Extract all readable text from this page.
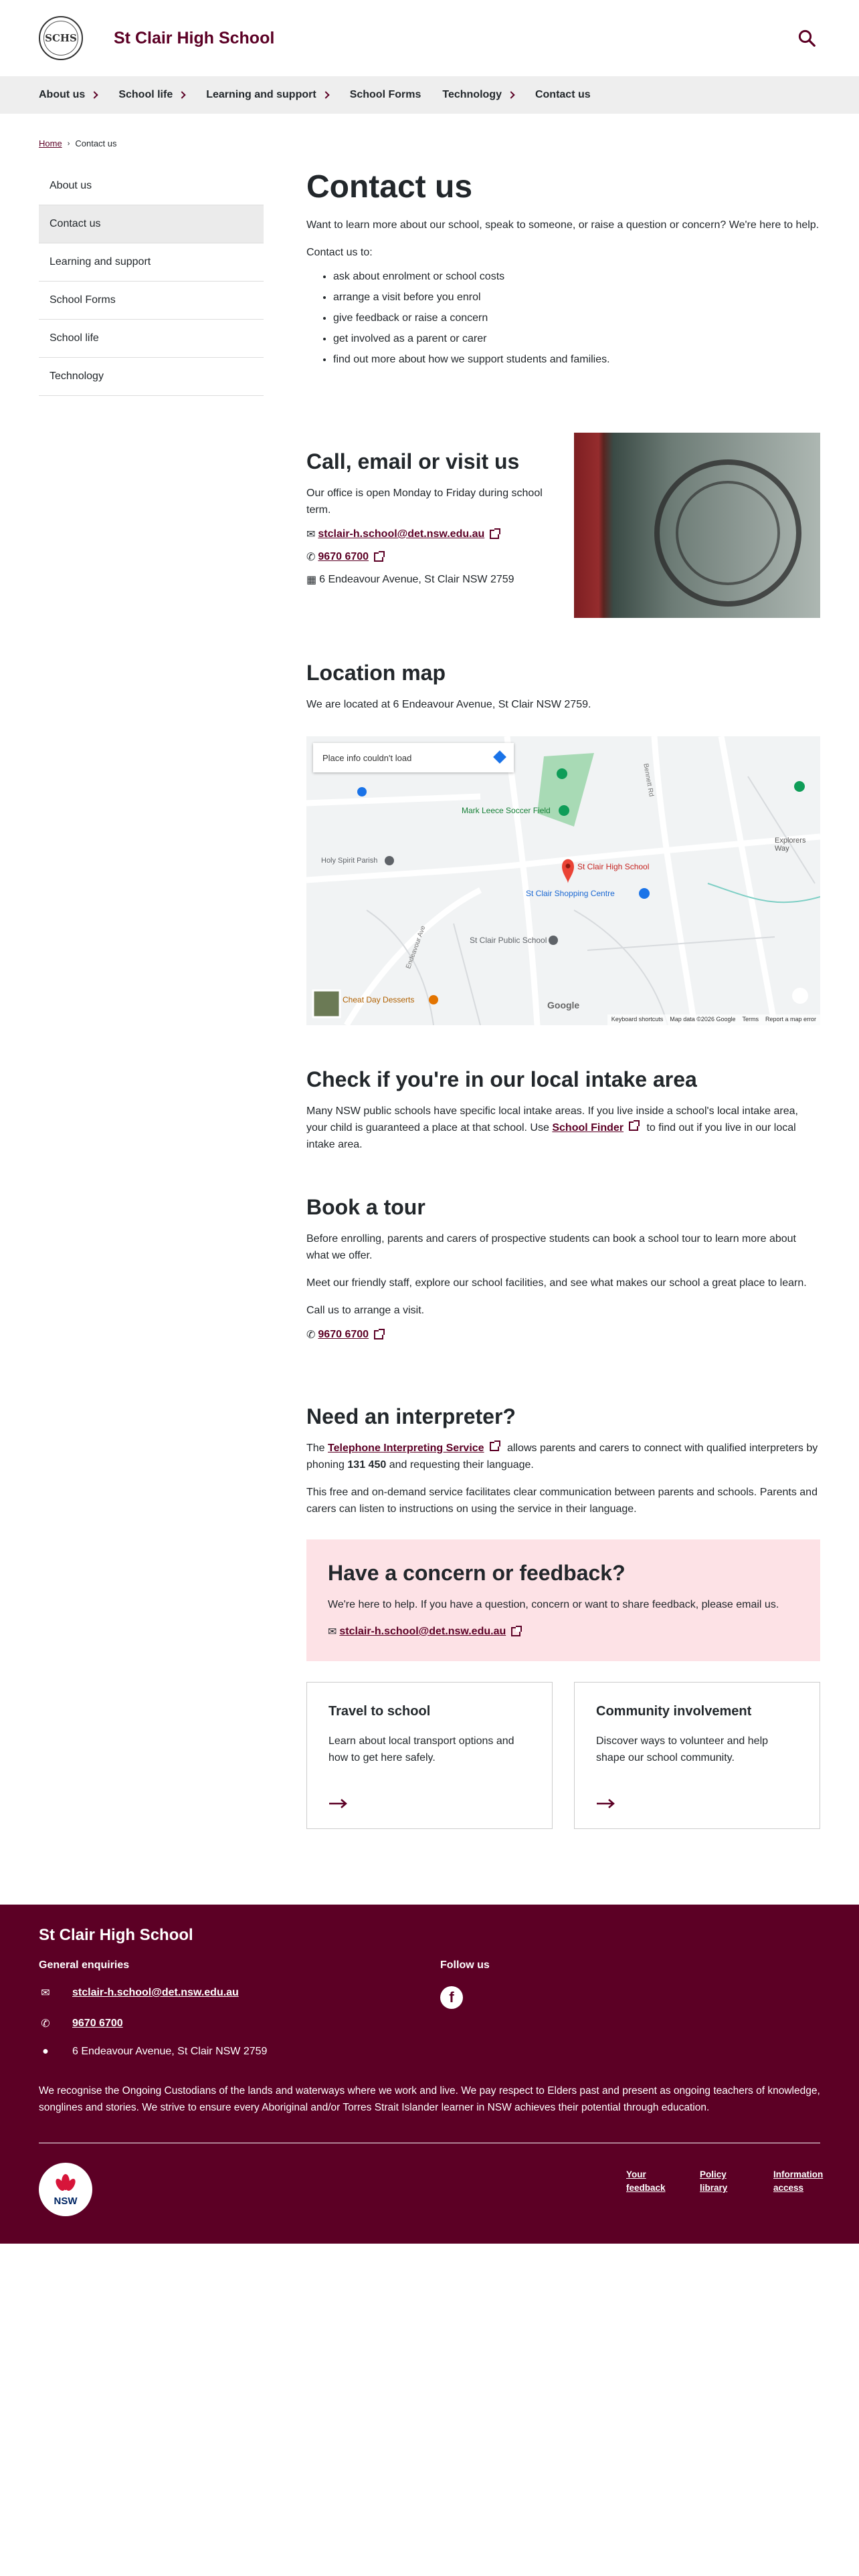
SCHS St Clair High School
About us	School life	Learning and support	School Forms Technology	Contact us
Home › Contact us
About us
Contact us
Learning and support
School Forms
School life
Technology
Contact us

Want to learn more about our school, speak to someone, or raise a question or concern? We're here to help.

Contact us to:

• ask about enrolment or school costs
• arrange a visit before you enrol
• give feedback or raise a concern
• get involved as a parent or carer
• find out more about how we support students and families.
Call, email or visit us

Our office is open Monday to Friday during school term.

✉ stclair-h.school@det.nsw.edu.au
✆ 9670 6700
▦ 6 Endeavour Avenue, St Clair NSW 2759
Location map

We are located at 6 Endeavour Avenue, St Clair NSW 2759.

Place info couldn't load
St Clair High School
St Clair Shopping Centre
St Clair Public School
Mark Leece Soccer Field
Holy Spirit Parish
Cheat Day Desserts
Endeavour Ave
Bennett Rd
Explorers Way
Google
Keyboard shortcuts Map data ©2026 Google Terms Report a map error
Check if you're in our local intake area

Many NSW public schools have specific local intake areas. If you live inside a school's local intake area, your child is guaranteed a place at that school. Use School Finder to find out if you live in our local intake area.

Book a tour

Before enrolling, parents and carers of prospective students can book a school tour to learn more about what we offer.

Meet our friendly staff, explore our school facilities, and see what makes our school a great place to learn.

Call us to arrange a visit.

✆ 9670 6700
Need an interpreter?

The Telephone Interpreting Service allows parents and carers to connect with qualified interpreters by phoning 131 450 and requesting their language.

This free and on-demand service facilitates clear communication between parents and schools. Parents and carers can listen to instructions on using the service in their language.

Have a concern or feedback?

We're here to help. If you have a question, concern or want to share feedback, please email us.

✉ stclair-h.school@det.nsw.edu.au
Travel to school

Learn about local transport options and how to get here safely.

Community involvement

Discover ways to volunteer and help shape our school community.

St Clair High School
General enquiries	Follow us
✉ stclair-h.school@det.nsw.edu.au
✆ 9670 6700
●	6 Endeavour Avenue, St Clair NSW 2759
f

We recognise the Ongoing Custodians of the lands and waterways where we work and live. We pay respect to Elders past and present as ongoing teachers of knowledge, songlines and stories. We strive to ensure every Aboriginal and/or Torres Strait Islander learner in NSW achieves their potential through education.

NSW
Your feedback
Policy library
Information access
